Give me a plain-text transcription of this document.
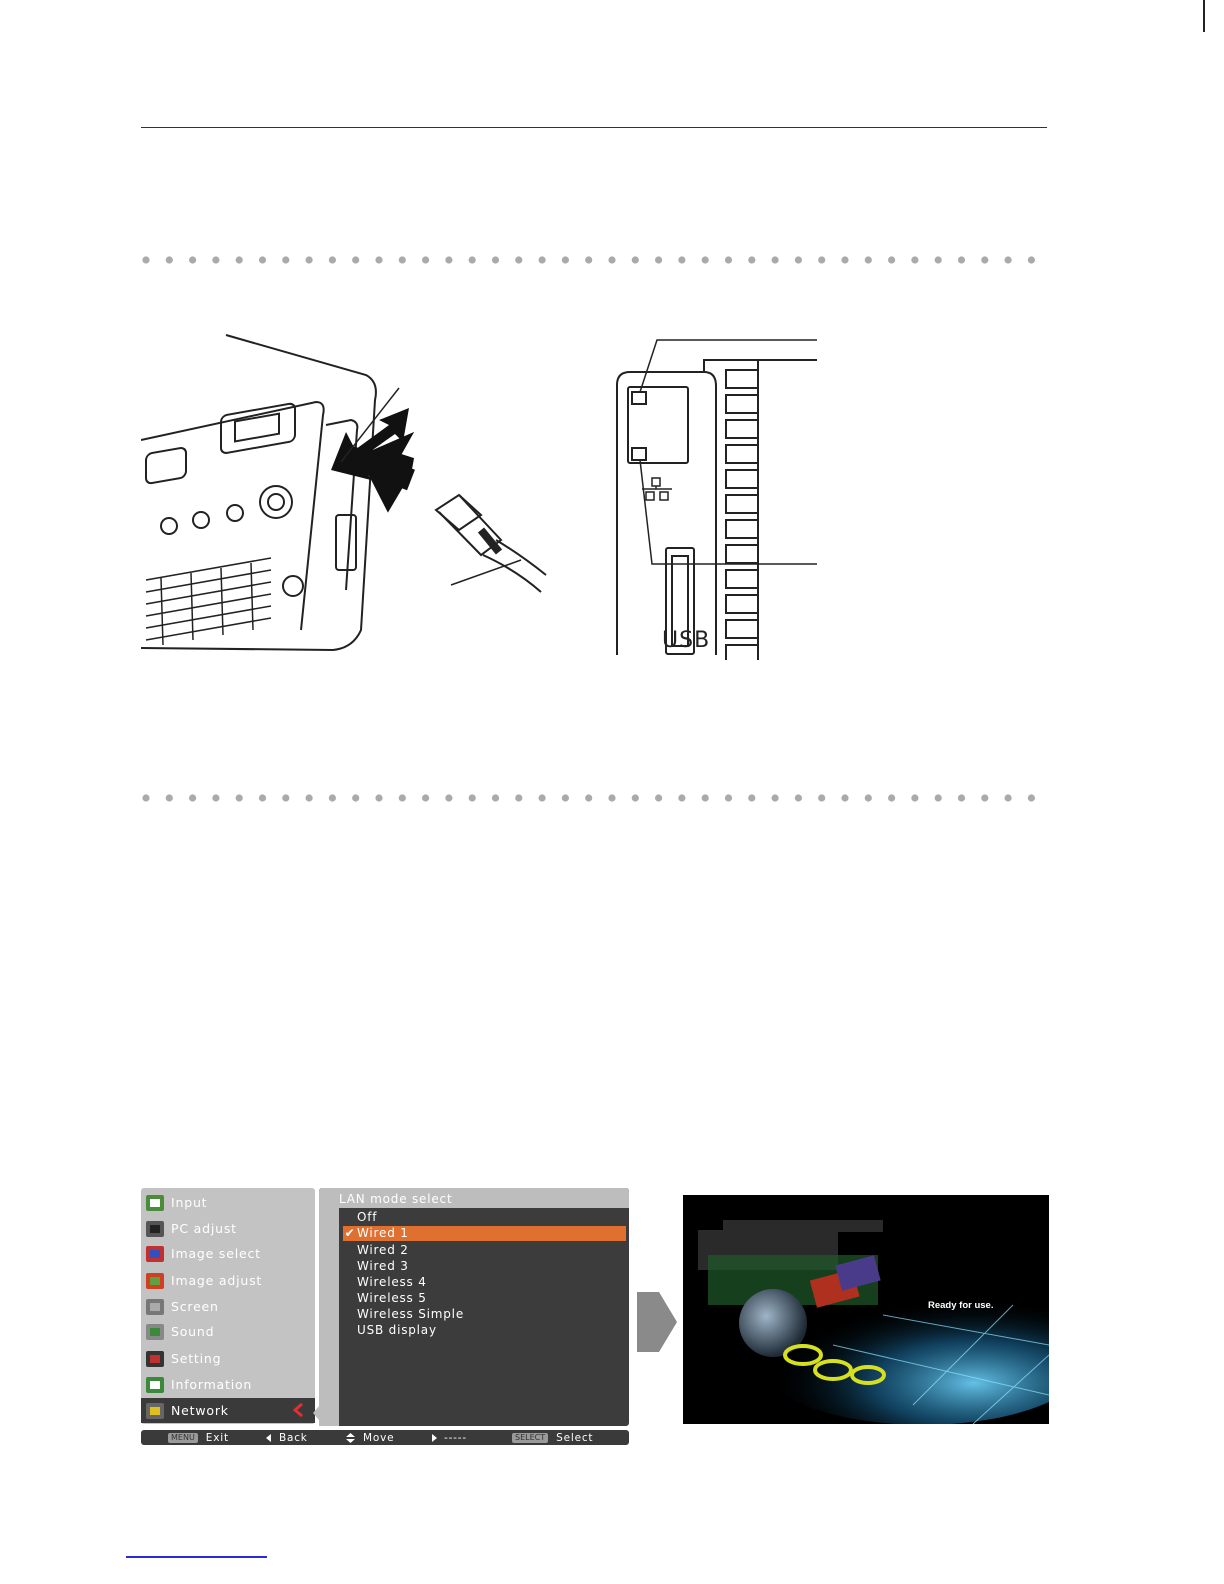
USB
Input
PC adjust
Image select
Image adjust
Screen
Sound
Setting
Information
Network
LAN mode select
Off
✔ Wired 1
Wired 2
Wired 3
Wireless 4
Wireless 5
Wireless Simple
USB display
MENU Exit	Back	Move	-----	SELECT Select
Ready for use.
